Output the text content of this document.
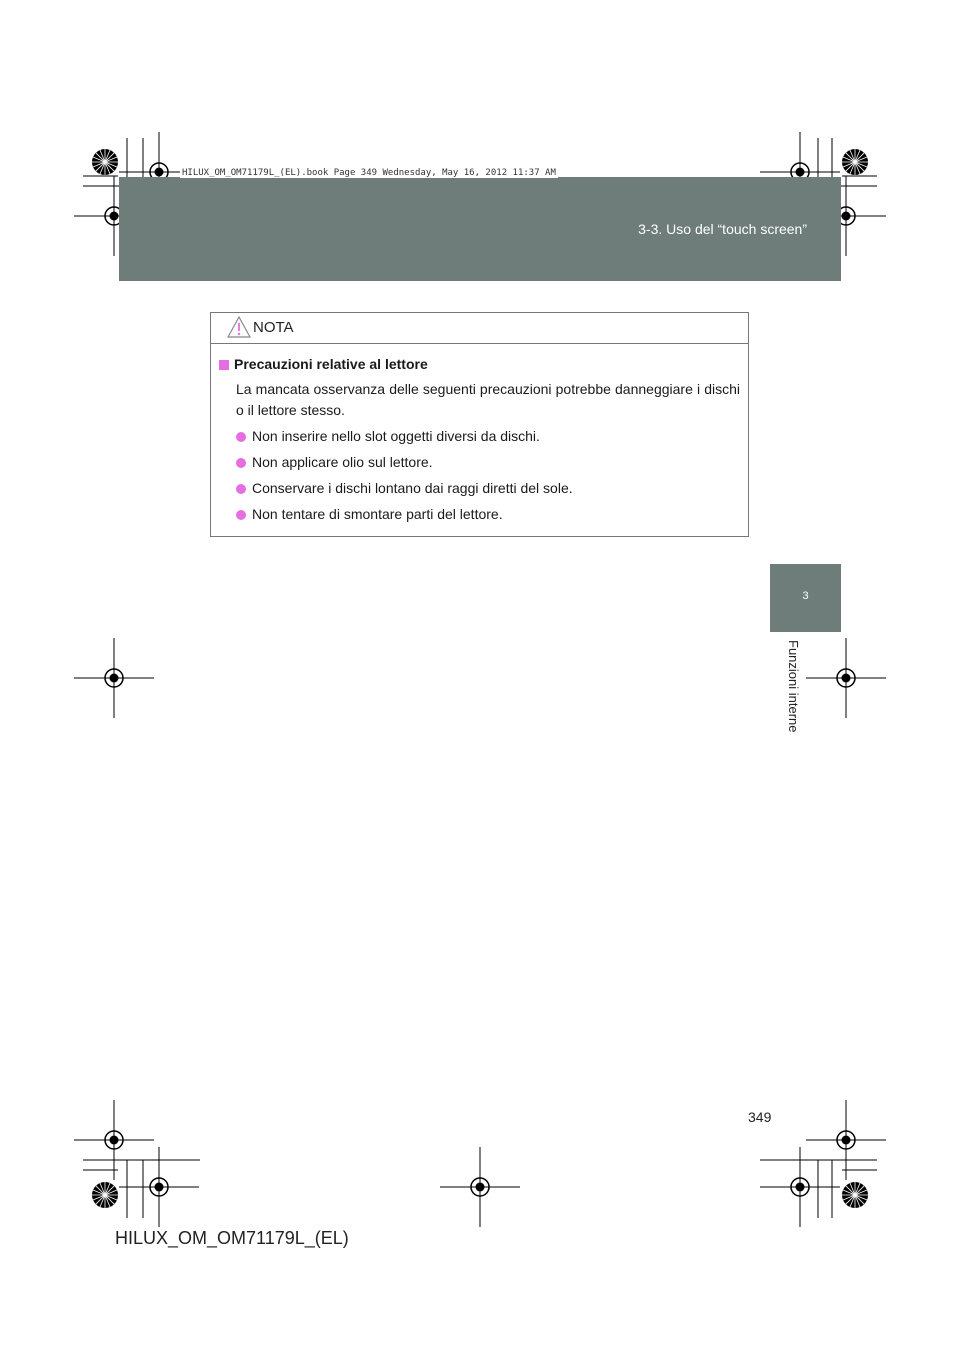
3-3. Uso del “touch screen”
HILUX_OM_OM71179L_(EL).book Page 349 Wednesday, May 16, 2012 11:37 AM
3
Funzioni interne
NOTA
Precauzioni relative al lettore
La mancata osservanza delle seguenti precauzioni potrebbe danneggiare i dischi o il lettore stesso.
Non inserire nello slot oggetti diversi da dischi.
Non applicare olio sul lettore.
Conservare i dischi lontano dai raggi diretti del sole.
Non tentare di smontare parti del lettore.
349
HILUX_OM_OM71179L_(EL)
